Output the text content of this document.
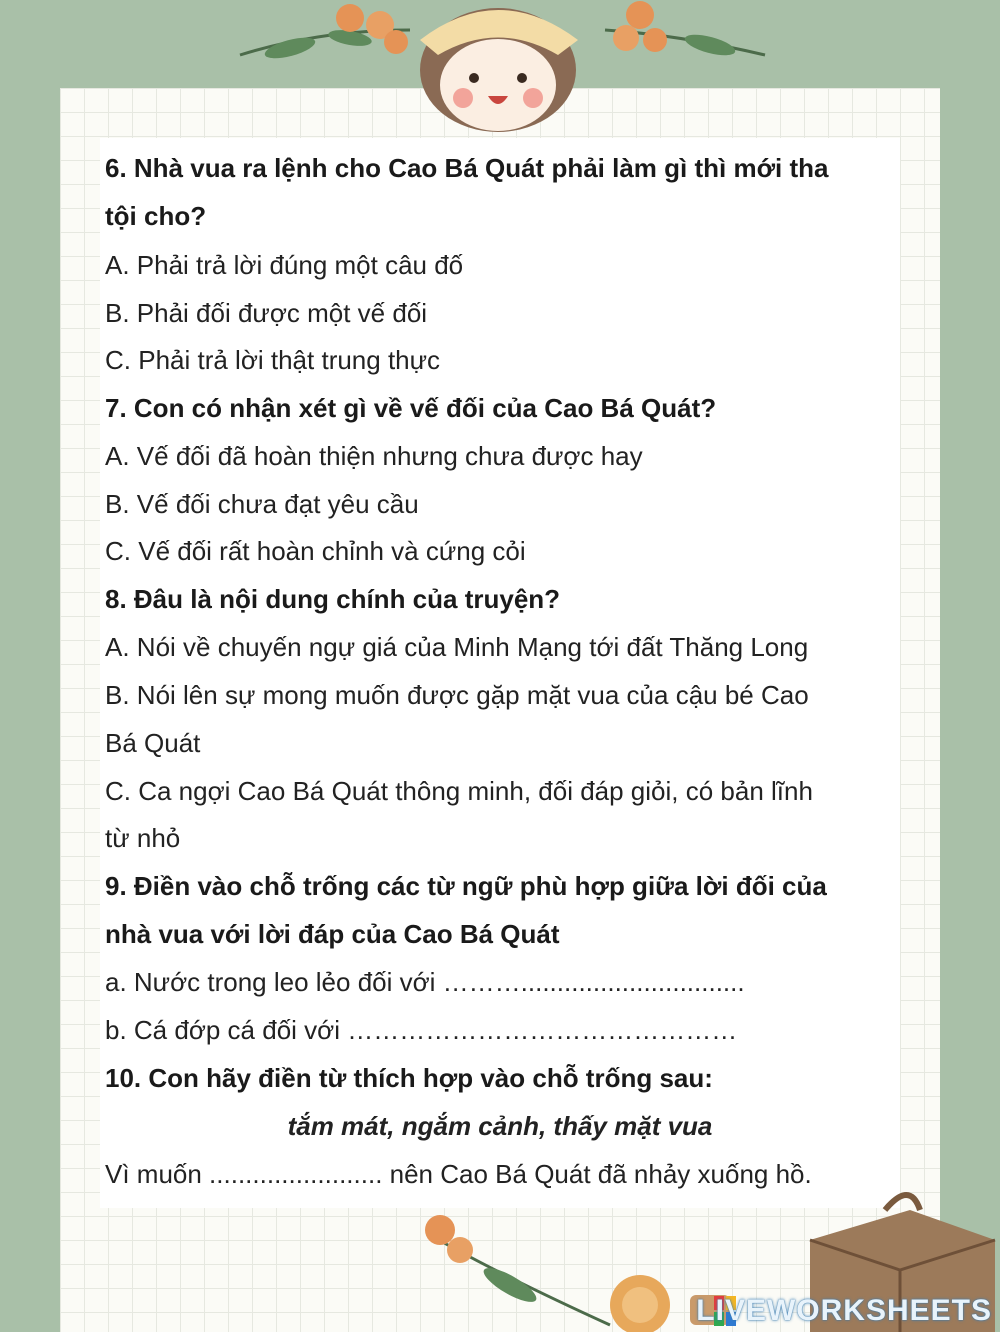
6. Nhà vua ra lệnh cho Cao Bá Quát phải làm gì thì mới tha
tội cho?
A. Phải trả lời đúng một câu đố
B. Phải đối được một vế đối
C. Phải trả lời thật trung thực
7. Con có nhận xét gì về vế đối của Cao Bá Quát?
A. Vế đối đã hoàn thiện nhưng chưa được hay
B. Vế đối chưa đạt yêu cầu
C. Vế đối rất hoàn chỉnh và cứng cỏi
8. Đâu là nội dung chính của truyện?
A. Nói về chuyến ngự giá của Minh Mạng tới đất Thăng Long
B. Nói lên sự mong muốn được gặp mặt vua của cậu bé Cao
Bá Quát
C. Ca ngợi Cao Bá Quát thông minh, đối đáp giỏi, có bản lĩnh
từ nhỏ
9. Điền vào chỗ trống các từ ngữ phù hợp giữa lời đối của
nhà vua với lời đáp của Cao Bá Quát
a. Nước trong leo lẻo đối với ………...............................
b. Cá đớp cá đối với ………………………………………
10. Con hãy điền từ thích hợp vào chỗ trống sau:
tắm mát, ngắm cảnh, thấy mặt vua
Vì muốn ........................ nên Cao Bá Quát đã nhảy xuống hồ.
LIVEWORKSHEETS
